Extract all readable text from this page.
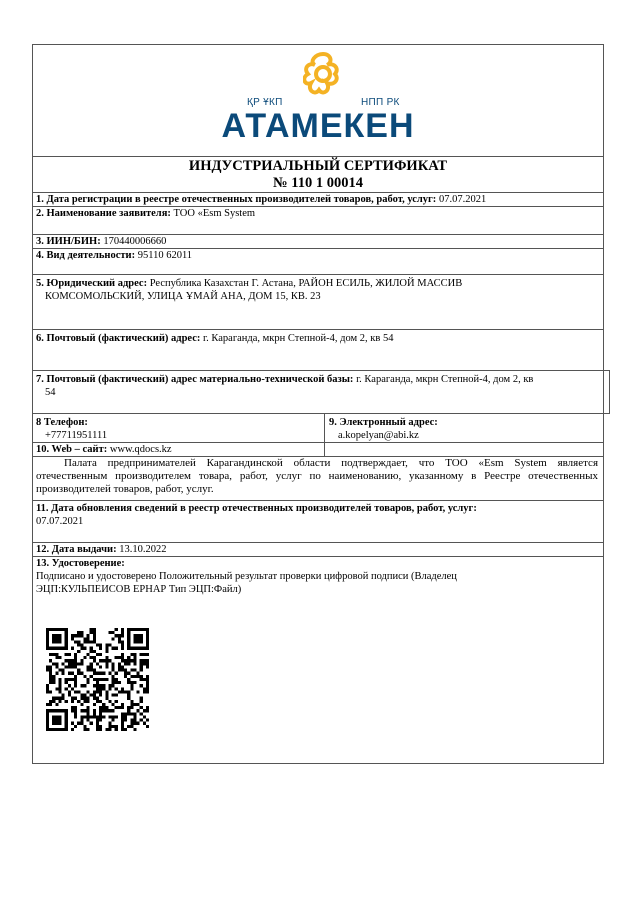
ҚР ҰКП	НПП РК
АТАМЕКЕН
ИНДУСТРИАЛЬНЫЙ СЕРТИФИКАТ
№ 110 1 00014
1. Дата регистрации в реестре отечественных производителей товаров, работ, услуг: 07.07.2021
2. Наименование заявителя: ТОО «Esm System
3. ИИН/БИН: 170440006660
4. Вид деятельности: 95110 62011
5. Юридический адрес: Республика Казахстан Г. Астана, РАЙОН ЕСИЛЬ, ЖИЛОЙ МАССИВ
КОМСОМОЛЬСКИЙ, УЛИЦА ҰМАЙ АНА, ДОМ 15, КВ. 23
6. Почтовый (фактический) адрес: г. Караганда, мкрн Степной-4, дом 2, кв 54
7. Почтовый (фактический) адрес материально-технической базы: г. Караганда, мкрн Степной-4, дом 2, кв
54
8 Телефон:
+77711951111
9. Электронный адрес:
a.kopelyan@abi.kz
10. Web – сайт: www.qdocs.kz
Палата предпринимателей Карагандинской области подтверждает, что ТОО «Esm System является отечественным производителем товара, работ, услуг по наименованию, указанному в Реестре отечественных производителей товаров, работ, услуг.
11. Дата обновления сведений в реестр отечественных производителей товаров, работ, услуг:
07.07.2021
12. Дата выдачи: 13.10.2022
13. Удостоверение:
Подписано и удостоверено Положительный результат проверки цифровой подписи (Владелец
ЭЦП:КУЛЬПЕИСОВ ЕРНАР Тип ЭЦП:Файл)
